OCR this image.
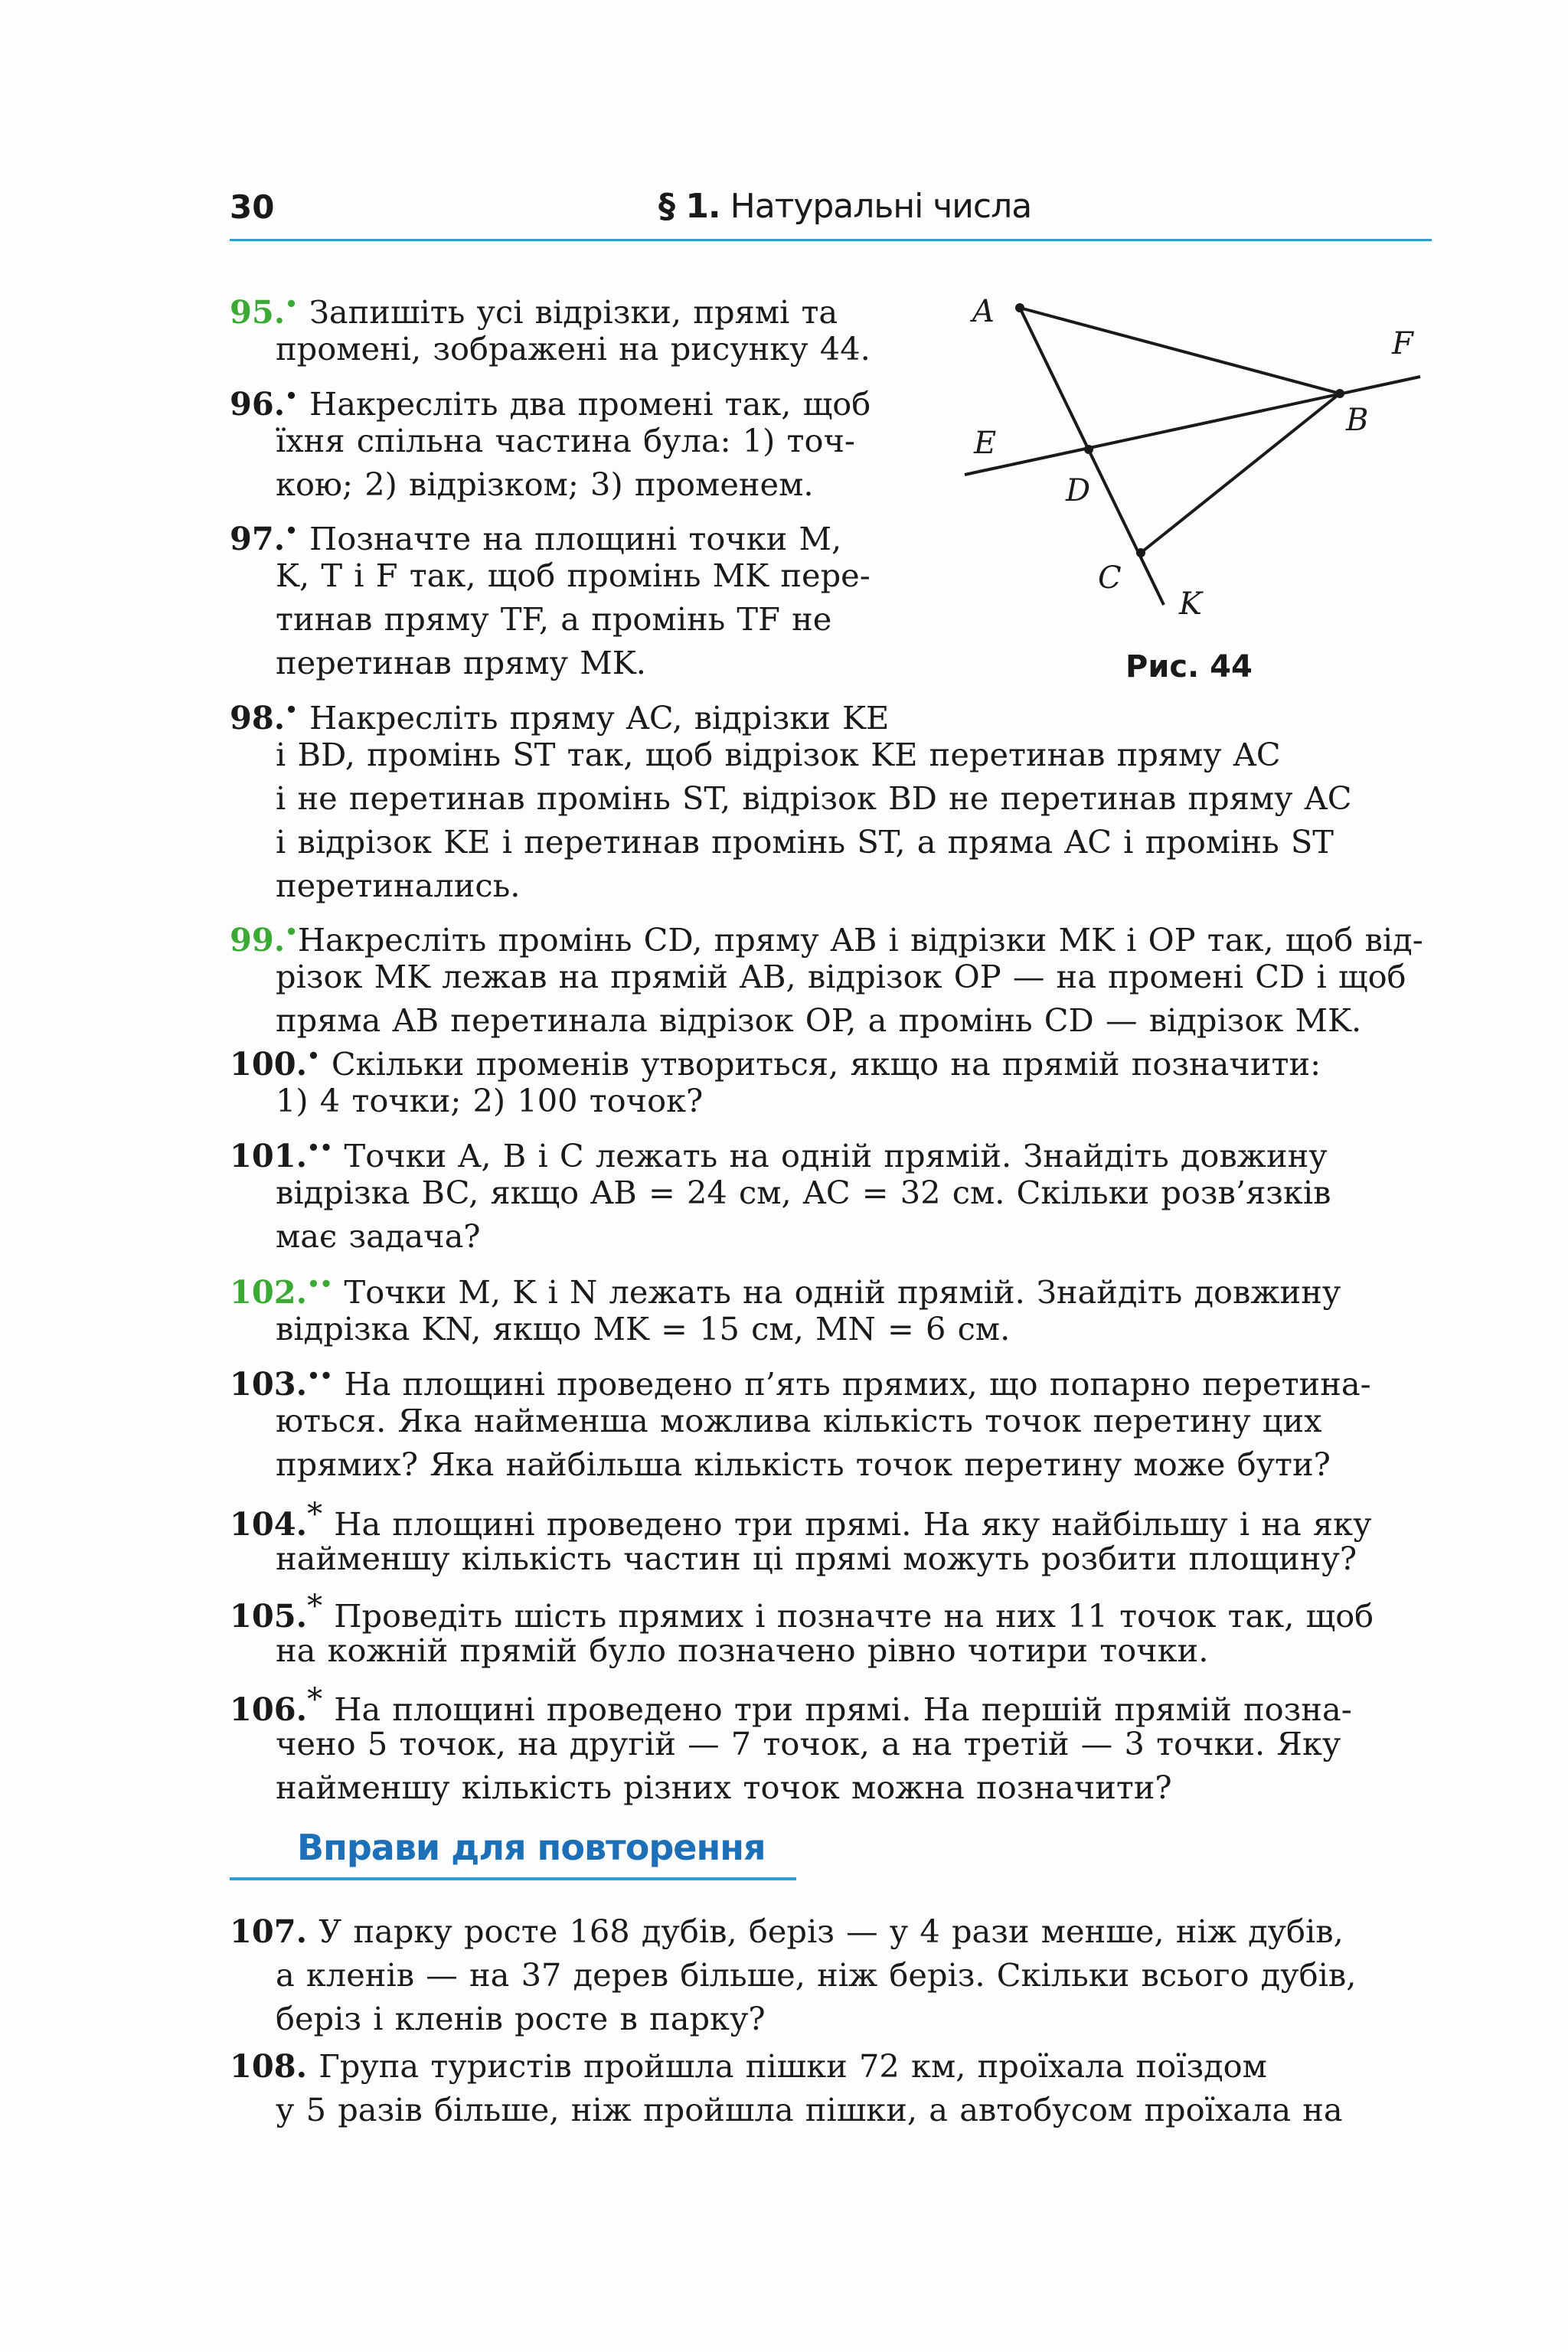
30	§ 1. Натуральні числа
95.• Запишіть усі відрізки, прямі та
промені, зображені на рисунку 44.
96.• Накресліть два промені так, щоб
їхня спільна частина була: 1) точ-
кою; 2) відрізком; 3) променем.
97.• Позначте на площині точки M,
K, T і F так, щоб промінь MK пере-
тинав пряму TF, а промінь TF не
перетинав пряму MK.
98.• Накресліть пряму AC, відрізки KE
і BD, промінь ST так, щоб відрізок KE перетинав пряму AC
і не перетинав промінь ST, відрізок BD не перетинав пряму AC
і відрізок KE і перетинав промінь ST, а пряма AC і промінь ST
перетинались.
99.•Накресліть промінь CD, пряму AB і відрізки MK і OP так, щоб від-
різок MK лежав на прямій AB, відрізок OP — на промені CD і щоб
пряма AB перетинала відрізок OP, а промінь CD — відрізок MK.
100.• Скільки променів утвориться, якщо на прямій позначити:
1) 4 точки; 2) 100 точок?
101.•• Точки A, B і C лежать на одній прямій. Знайдіть довжину
відрізка BC, якщо AB = 24 см, AC = 32 см. Скільки розв’язків
має задача?
102.•• Точки M, K і N лежать на одній прямій. Знайдіть довжину
відрізка KN, якщо MK = 15 см, MN = 6 см.
103.•• На площині проведено п’ять прямих, що попарно перетина-
ються. Яка найменша можлива кількість точок перетину цих
прямих? Яка найбільша кількість точок перетину може бути?
104.* На площині проведено три прямі. На яку найбільшу і на яку
найменшу кількість частин ці прямі можуть розбити площину?
105.* Проведіть шість прямих і позначте на них 11 точок так, щоб
на кожній прямій було позначено рівно чотири точки.
106.* На площині проведено три прямі. На першій прямій позна-
чено 5 точок, на другій — 7 точок, а на третій — 3 точки. Яку
найменшу кількість різних точок можна позначити?
Вправи для повторення
107. У парку росте 168 дубів, беріз — у 4 рази менше, ніж дубів,
а кленів — на 37 дерев більше, ніж беріз. Скільки всього дубів,
беріз і кленів росте в парку?
108. Група туристів пройшла пішки 72 км, проїхала поїздом
у 5 разів більше, ніж пройшла пішки, а автобусом проїхала на
A
F
B
E
D
C
K
Рис. 44
